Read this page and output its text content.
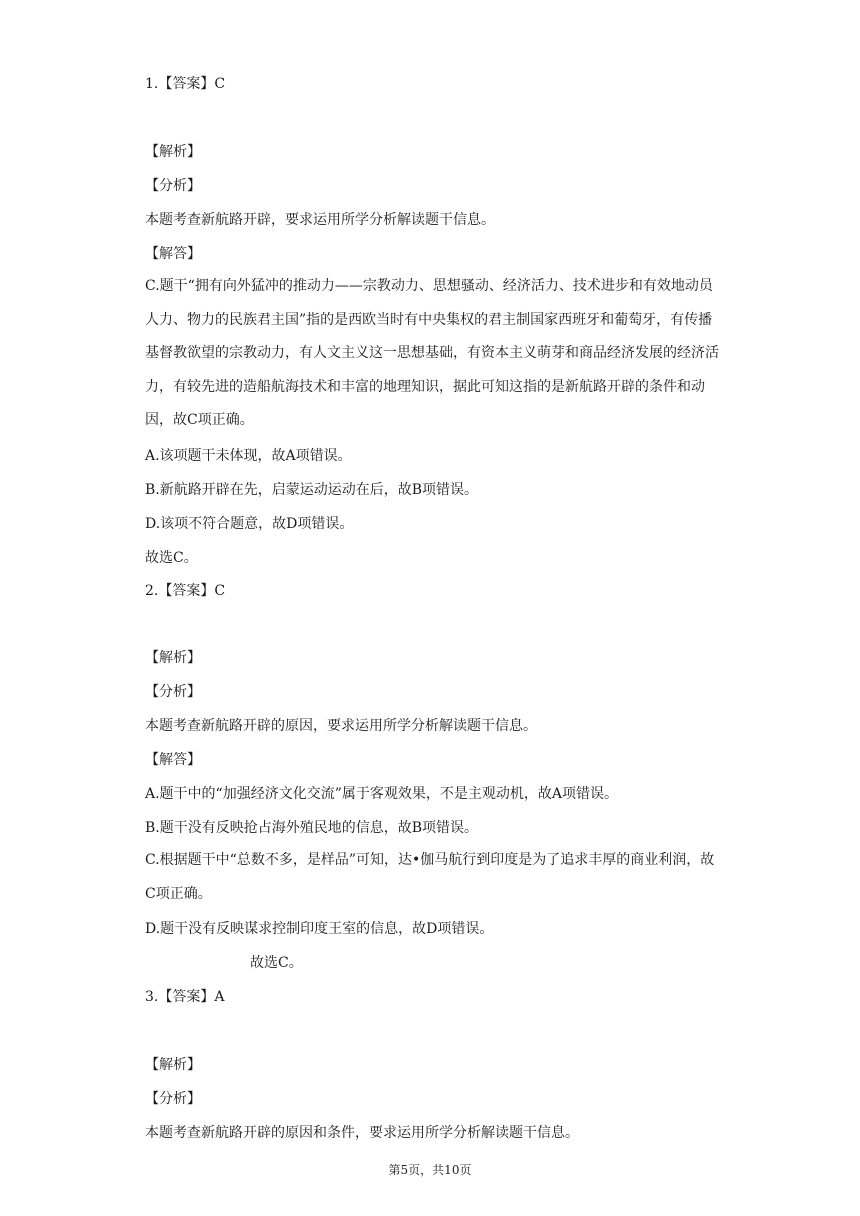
1.【答案】C
【解析】
【分析】
本题考查新航路开辟，要求运用所学分析解读题干信息。
【解答】
C.题干“拥有向外猛冲的推动力——宗教动力、思想骚动、经济活力、技术进步和有效地动员人力、物力的民族君主国”指的是西欧当时有中央集权的君主制国家西班牙和葡萄牙，有传播基督教欲望的宗教动力，有人文主义这一思想基础，有资本主义萌芽和商品经济发展的经济活力，有较先进的造船航海技术和丰富的地理知识，据此可知这指的是新航路开辟的条件和动因，故C项正确。
A.该项题干未体现，故A项错误。
B.新航路开辟在先，启蒙运动运动在后，故B项错误。
D.该项不符合题意，故D项错误。
故选C。
2.【答案】C
【解析】
【分析】
本题考查新航路开辟的原因，要求运用所学分析解读题干信息。
【解答】
A.题干中的“加强经济文化交流”属于客观效果，不是主观动机，故A项错误。
B.题干没有反映抢占海外殖民地的信息，故B项错误。
C.根据题干中“总数不多，是样品”可知，达•伽马航行到印度是为了追求丰厚的商业利润，故C项正确。
D.题干没有反映谋求控制印度王室的信息，故D项错误。
故选C。
3.【答案】A
【解析】
【分析】
本题考查新航路开辟的原因和条件，要求运用所学分析解读题干信息。
第5页，共10页
